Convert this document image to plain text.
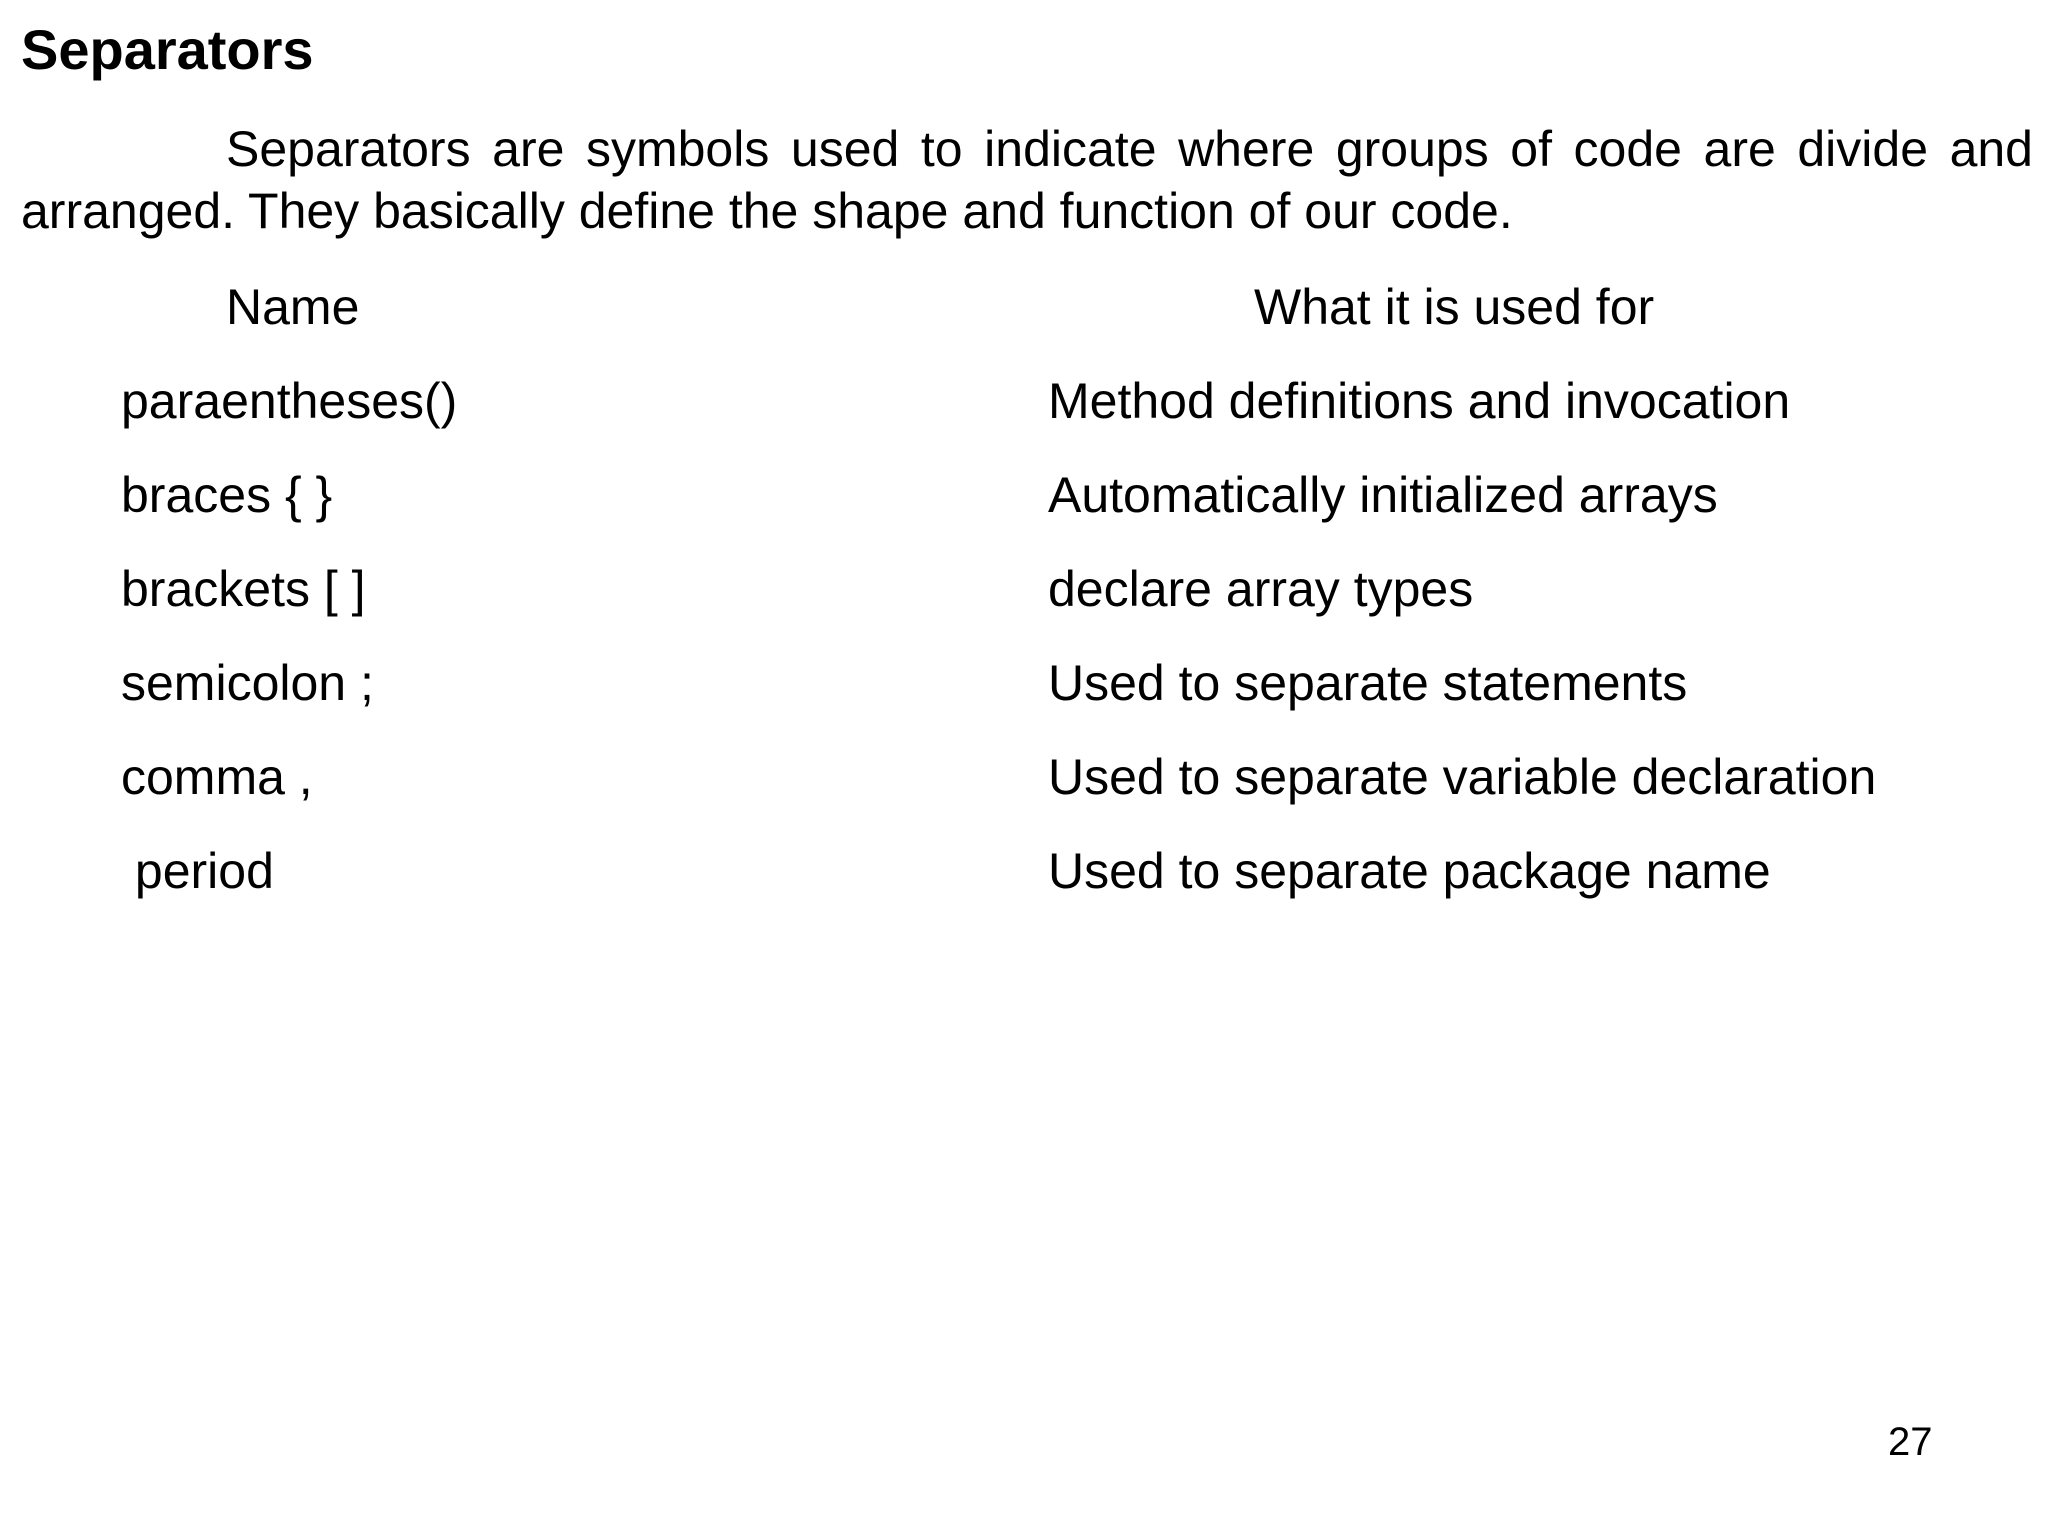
Separators

Separators are symbols used to indicate where groups of code are divide and arranged. They basically define the shape and function of our code.

Name	What it is used for
paraentheses()	Method definitions and invocation
braces { }	Automatically initialized arrays
brackets [ ]	declare array types
semicolon ;	Used to separate statements
comma ,	Used to separate variable declaration
period	Used to separate package name
27
